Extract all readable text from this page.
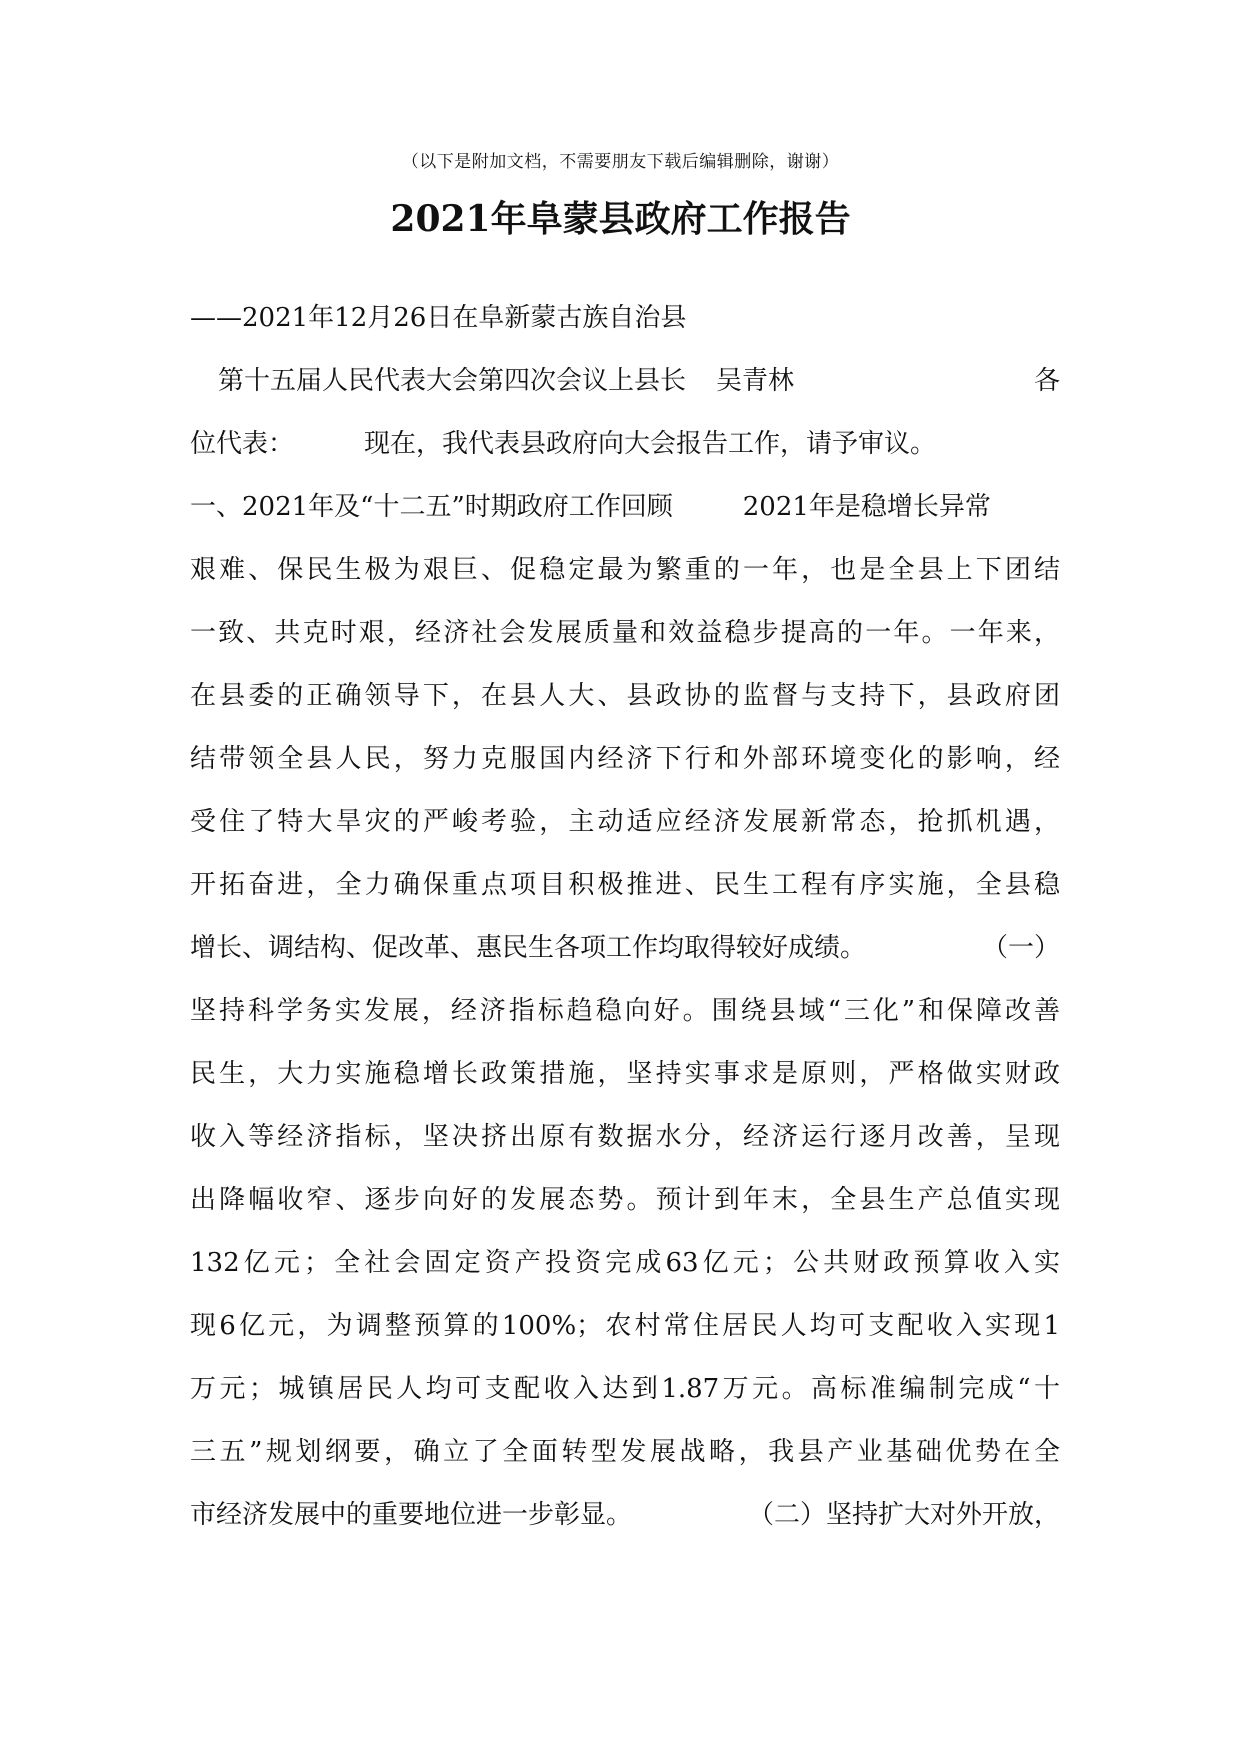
（以下是附加文档，不需要朋友下载后编辑删除，谢谢）
2021年阜蒙县政府工作报告
——2021年12月26日在阜新蒙古族自治县
第十五届人民代表大会第四次会议上县长 吴青林	各
位代表：	现在，我代表县政府向大会报告工作，请予审议。
一、2021年及“十二五”时期政府工作回顾	2021年是稳增长异常
艰难、保民生极为艰巨、促稳定最为繁重的一年，也是全县上下团结
一致、共克时艰，经济社会发展质量和效益稳步提高的一年。一年来，
在县委的正确领导下，在县人大、县政协的监督与支持下，县政府团
结带领全县人民，努力克服国内经济下行和外部环境变化的影响，经
受住了特大旱灾的严峻考验，主动适应经济发展新常态，抢抓机遇，
开拓奋进，全力确保重点项目积极推进、民生工程有序实施，全县稳
增长、调结构、促改革、惠民生各项工作均取得较好成绩。	（一）
坚持科学务实发展，经济指标趋稳向好。围绕县域“三化”和保障改善
民生，大力实施稳增长政策措施，坚持实事求是原则，严格做实财政
收入等经济指标，坚决挤出原有数据水分，经济运行逐月改善，呈现
出降幅收窄、逐步向好的发展态势。预计到年末，全县生产总值实现
132亿元；全社会固定资产投资完成63亿元；公共财政预算收入实
现6亿元，为调整预算的100%；农村常住居民人均可支配收入实现1
万元；城镇居民人均可支配收入达到1.87万元。高标准编制完成“十
三五”规划纲要，确立了全面转型发展战略，我县产业基础优势在全
市经济发展中的重要地位进一步彰显。	（二）坚持扩大对外开放，
